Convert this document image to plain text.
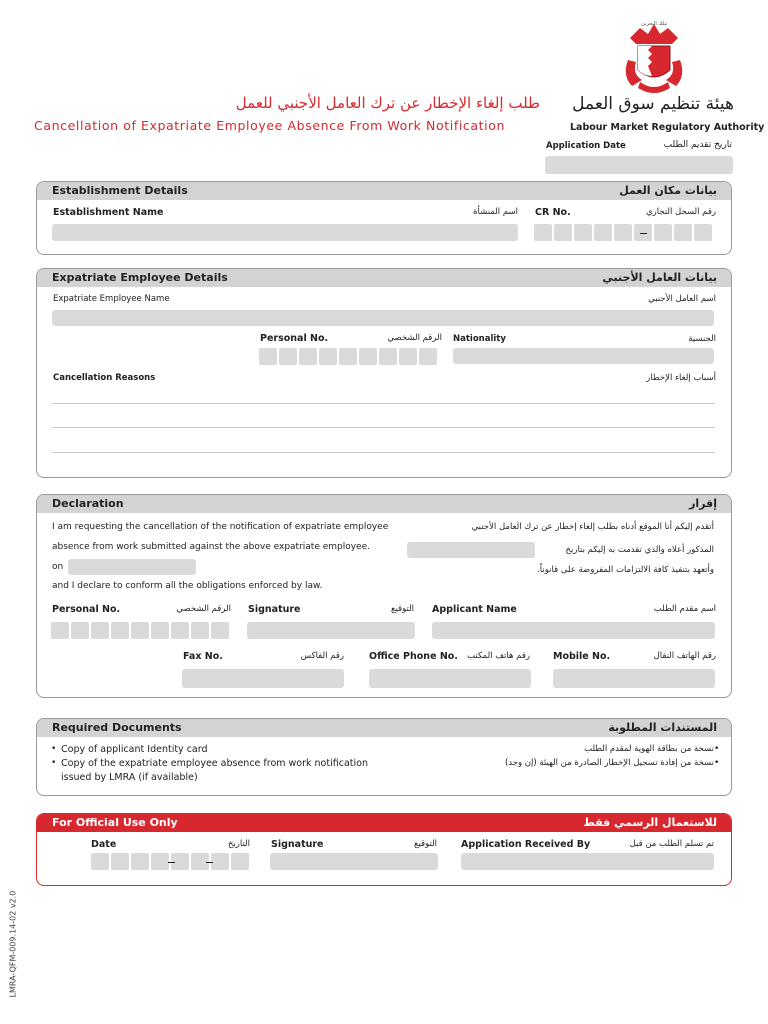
ملك البحرين
هيئة تنظيم سوق العمل
Labour Market Regulatory Authority
طلب إلغاء الإخطار عن ترك العامل الأجنبي للعمل
Cancellation of Expatriate Employee Absence From Work Notification
Application Date	تاريخ تقديم الطلب
Establishment Details	بيانات مكان العمل
Establishment Name	اسم المنشأة CR No.	رقم السجل التجاري
Expatriate Employee Details	بيانات العامل الأجنبي
Expatriate Employee Name	اسم العامل الأجنبي
Personal No.	الرقم الشخصي Nationality	الجنسية
Cancellation Reasons	أسباب إلغاء الإخطار
Declaration	إقرار
I am requesting the cancellation of the notification of expatriate employee
absence from work submitted against the above expatriate employee.
on
and I declare to conform all the obligations enforced by law.
أتقدم إليكم أنا الموقع أدناه بطلب إلغاء إخطار عن ترك العامل الأجنبي
المذكور أعلاه والذي تقدمت به إليكم بتاريخ
وأتعهد بتنفيذ كافة الالتزامات المفروضة على قانوناً.
Personal No.	الرقم الشخصي Signature	التوقيع Applicant Name	اسم مقدم الطلب
Fax No.	رقم الفاكس	Office Phone No. رقم هاتف المكتب Mobile No.	رقم الهاتف النقال
Required Documents	المستندات المطلوبة
• Copy of applicant Identity card
• Copy of the expatriate employee absence from work notification
issued by LMRA (if available)
نسخة من بطاقة الهوية لمقدم الطلب
نسخة من إفادة تسجيل الإخطار الصادرة من الهيئة (إن وجد)
•
•
For Official Use Only	للاستعمال الرسمي فقط
Date	التاريخ Signature	التوقيع	Application Received By	تم تسلم الطلب من قبل
LMRA-QFM-009.14-02 v2.0
